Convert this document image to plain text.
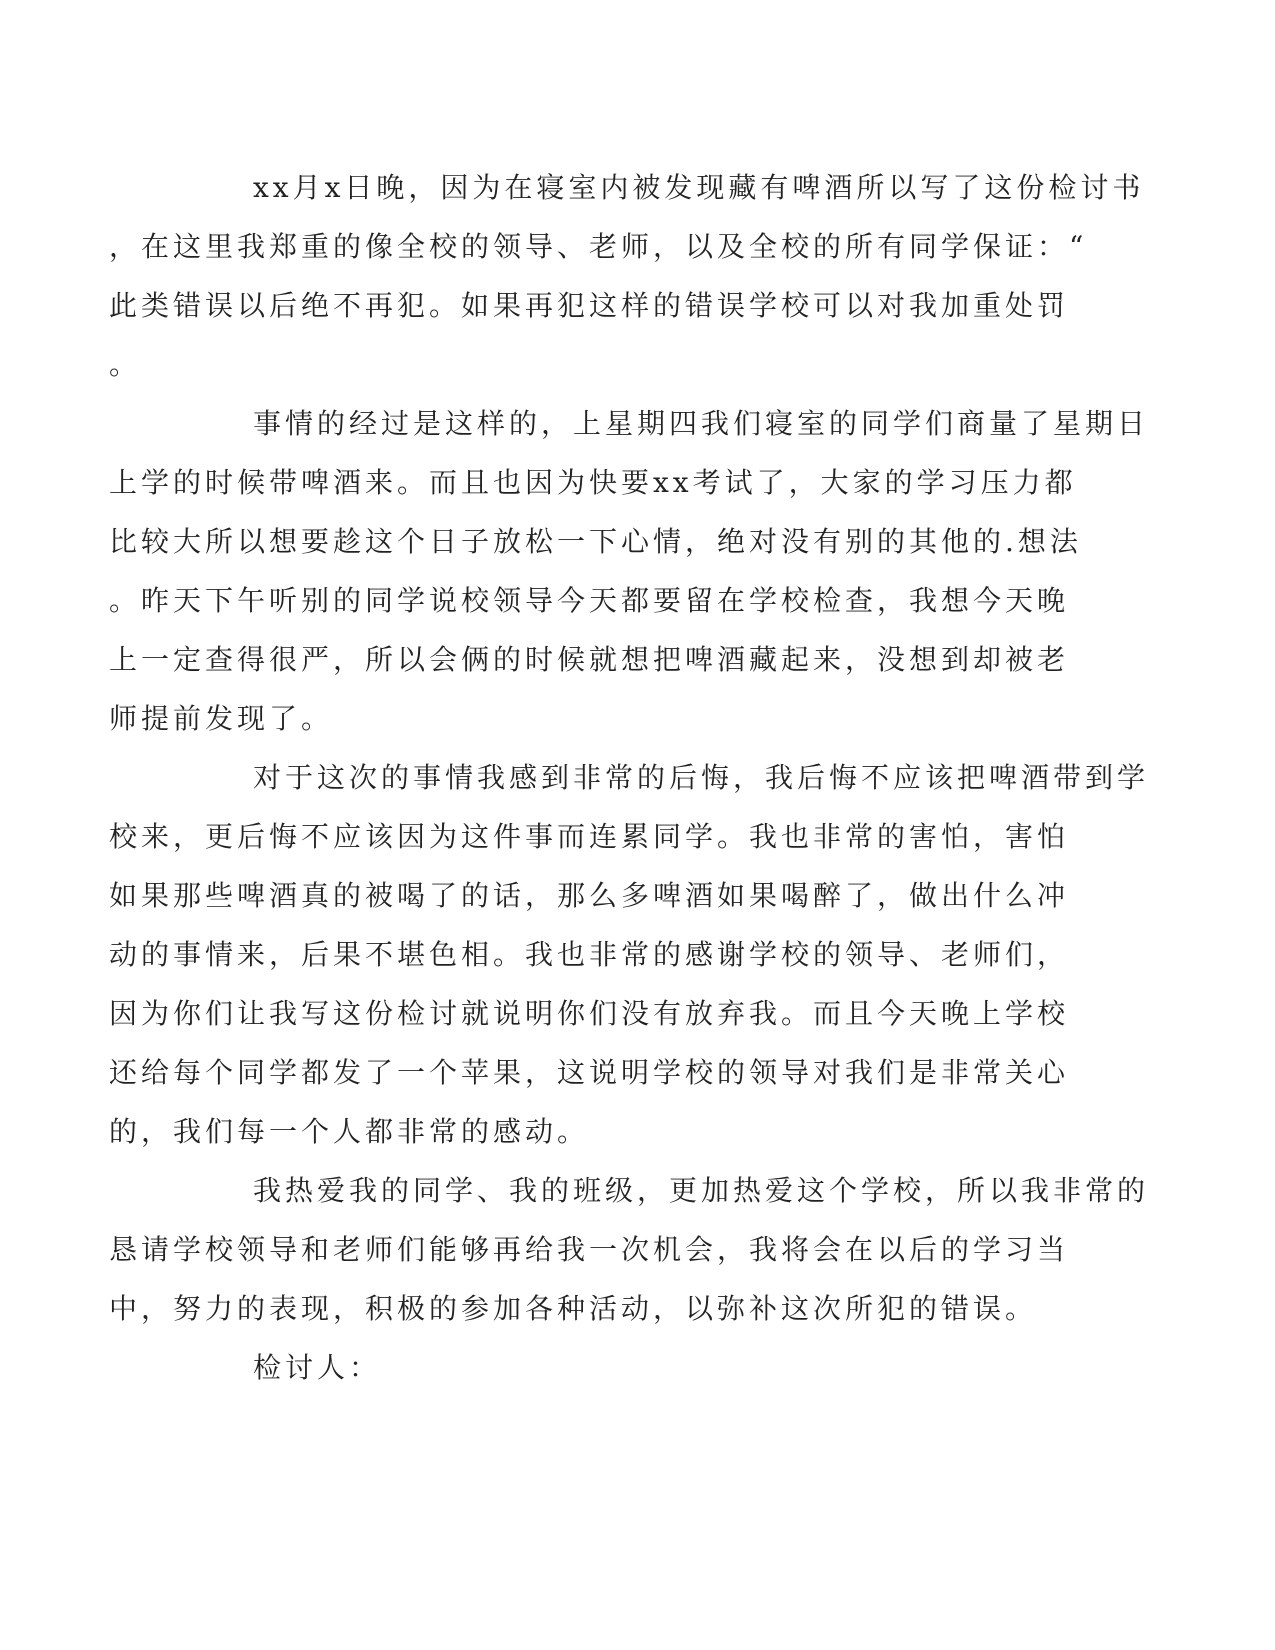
xx月x日晚，因为在寝室内被发现藏有啤酒所以写了这份检讨书
，在这里我郑重的像全校的领导、老师，以及全校的所有同学保证：“
此类错误以后绝不再犯。如果再犯这样的错误学校可以对我加重处罚
。
事情的经过是这样的，上星期四我们寝室的同学们商量了星期日
上学的时候带啤酒来。而且也因为快要xx考试了，大家的学习压力都
比较大所以想要趁这个日子放松一下心情，绝对没有别的其他的.想法
。昨天下午听别的同学说校领导今天都要留在学校检查，我想今天晚
上一定查得很严，所以会俩的时候就想把啤酒藏起来，没想到却被老
师提前发现了。
对于这次的事情我感到非常的后悔，我后悔不应该把啤酒带到学
校来，更后悔不应该因为这件事而连累同学。我也非常的害怕，害怕
如果那些啤酒真的被喝了的话，那么多啤酒如果喝醉了，做出什么冲
动的事情来，后果不堪色相。我也非常的感谢学校的领导、老师们，
因为你们让我写这份检讨就说明你们没有放弃我。而且今天晚上学校
还给每个同学都发了一个苹果，这说明学校的领导对我们是非常关心
的，我们每一个人都非常的感动。
我热爱我的同学、我的班级，更加热爱这个学校，所以我非常的
恳请学校领导和老师们能够再给我一次机会，我将会在以后的学习当
中，努力的表现，积极的参加各种活动，以弥补这次所犯的错误。
检讨人：
